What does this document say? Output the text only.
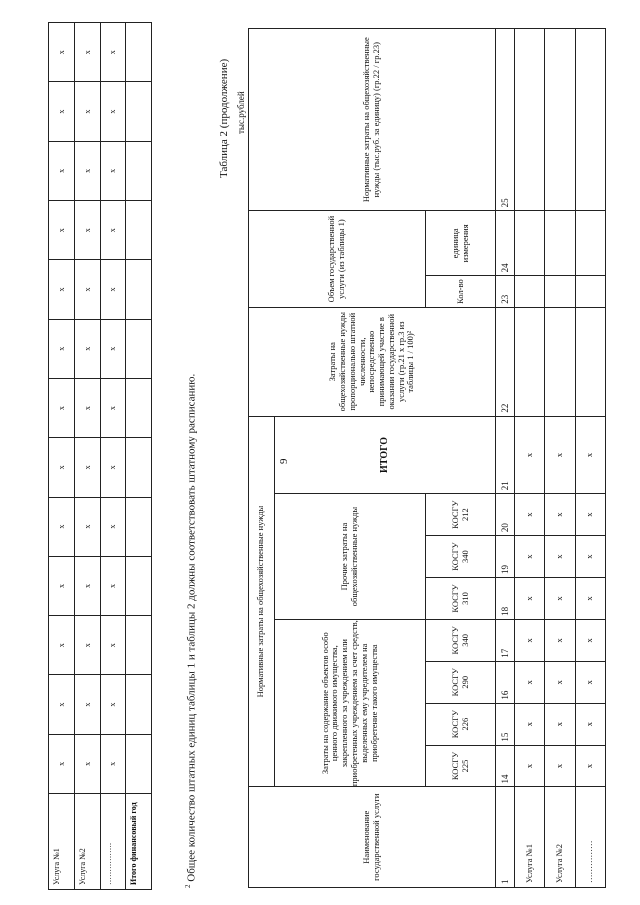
Услуга №1	x	x	x	x	x	x	x	x	x	x	x	x	x
Услуга №2	x	x	x	x	x	x	x	x	x	x	x	x	x
…………….	x	x	x	x	x	x	x	x	x	x	x	x	x
Итого финансовый год													
$^2$ Общее количество штатных единиц таблицы 1 и таблицы 2 должны соответствовать штатному расписанию.	9
Таблица 2 (продолжение) тыс.рублей
Наименование государственной услуги	Нормативные затраты на общехозяйственные нужды								Затраты на общехозяйственные нужды пропорционально штатной численности, непосредственно принимающей участие в оказании государственной услуги (гр.21 x гр.3 из таблицы 1 / 100)²	Объем государственной услуги (из таблицы 1)		Нормативные затраты на общехозяйственные нужды (тыс.руб. за единицу) (гр.22 / гр.23)
	Затраты на содержание объектов особо ценного движимого имущества, закрепленного за учреждением или приобретенных учреждением за счет средств, выделенных ему учредителем на приобретение такого имущества				Прочие затраты на общехозяйственные нужды			ИТОГО				
	КОСГУ 225	КОСГУ 226	КОСГУ 290	КОСГУ 340	КОСГУ 310	КОСГУ 340	КОСГУ 212			Кол-во	единица измерения	
1	14	15	16	17	18	19	20	21	22	23	24	25
Услуга №1	x	x	x	x	x	x	x	x				
Услуга №2	x	x	x	x	x	x	x	x				
……………	x	x	x	x	x	x	x	x				
